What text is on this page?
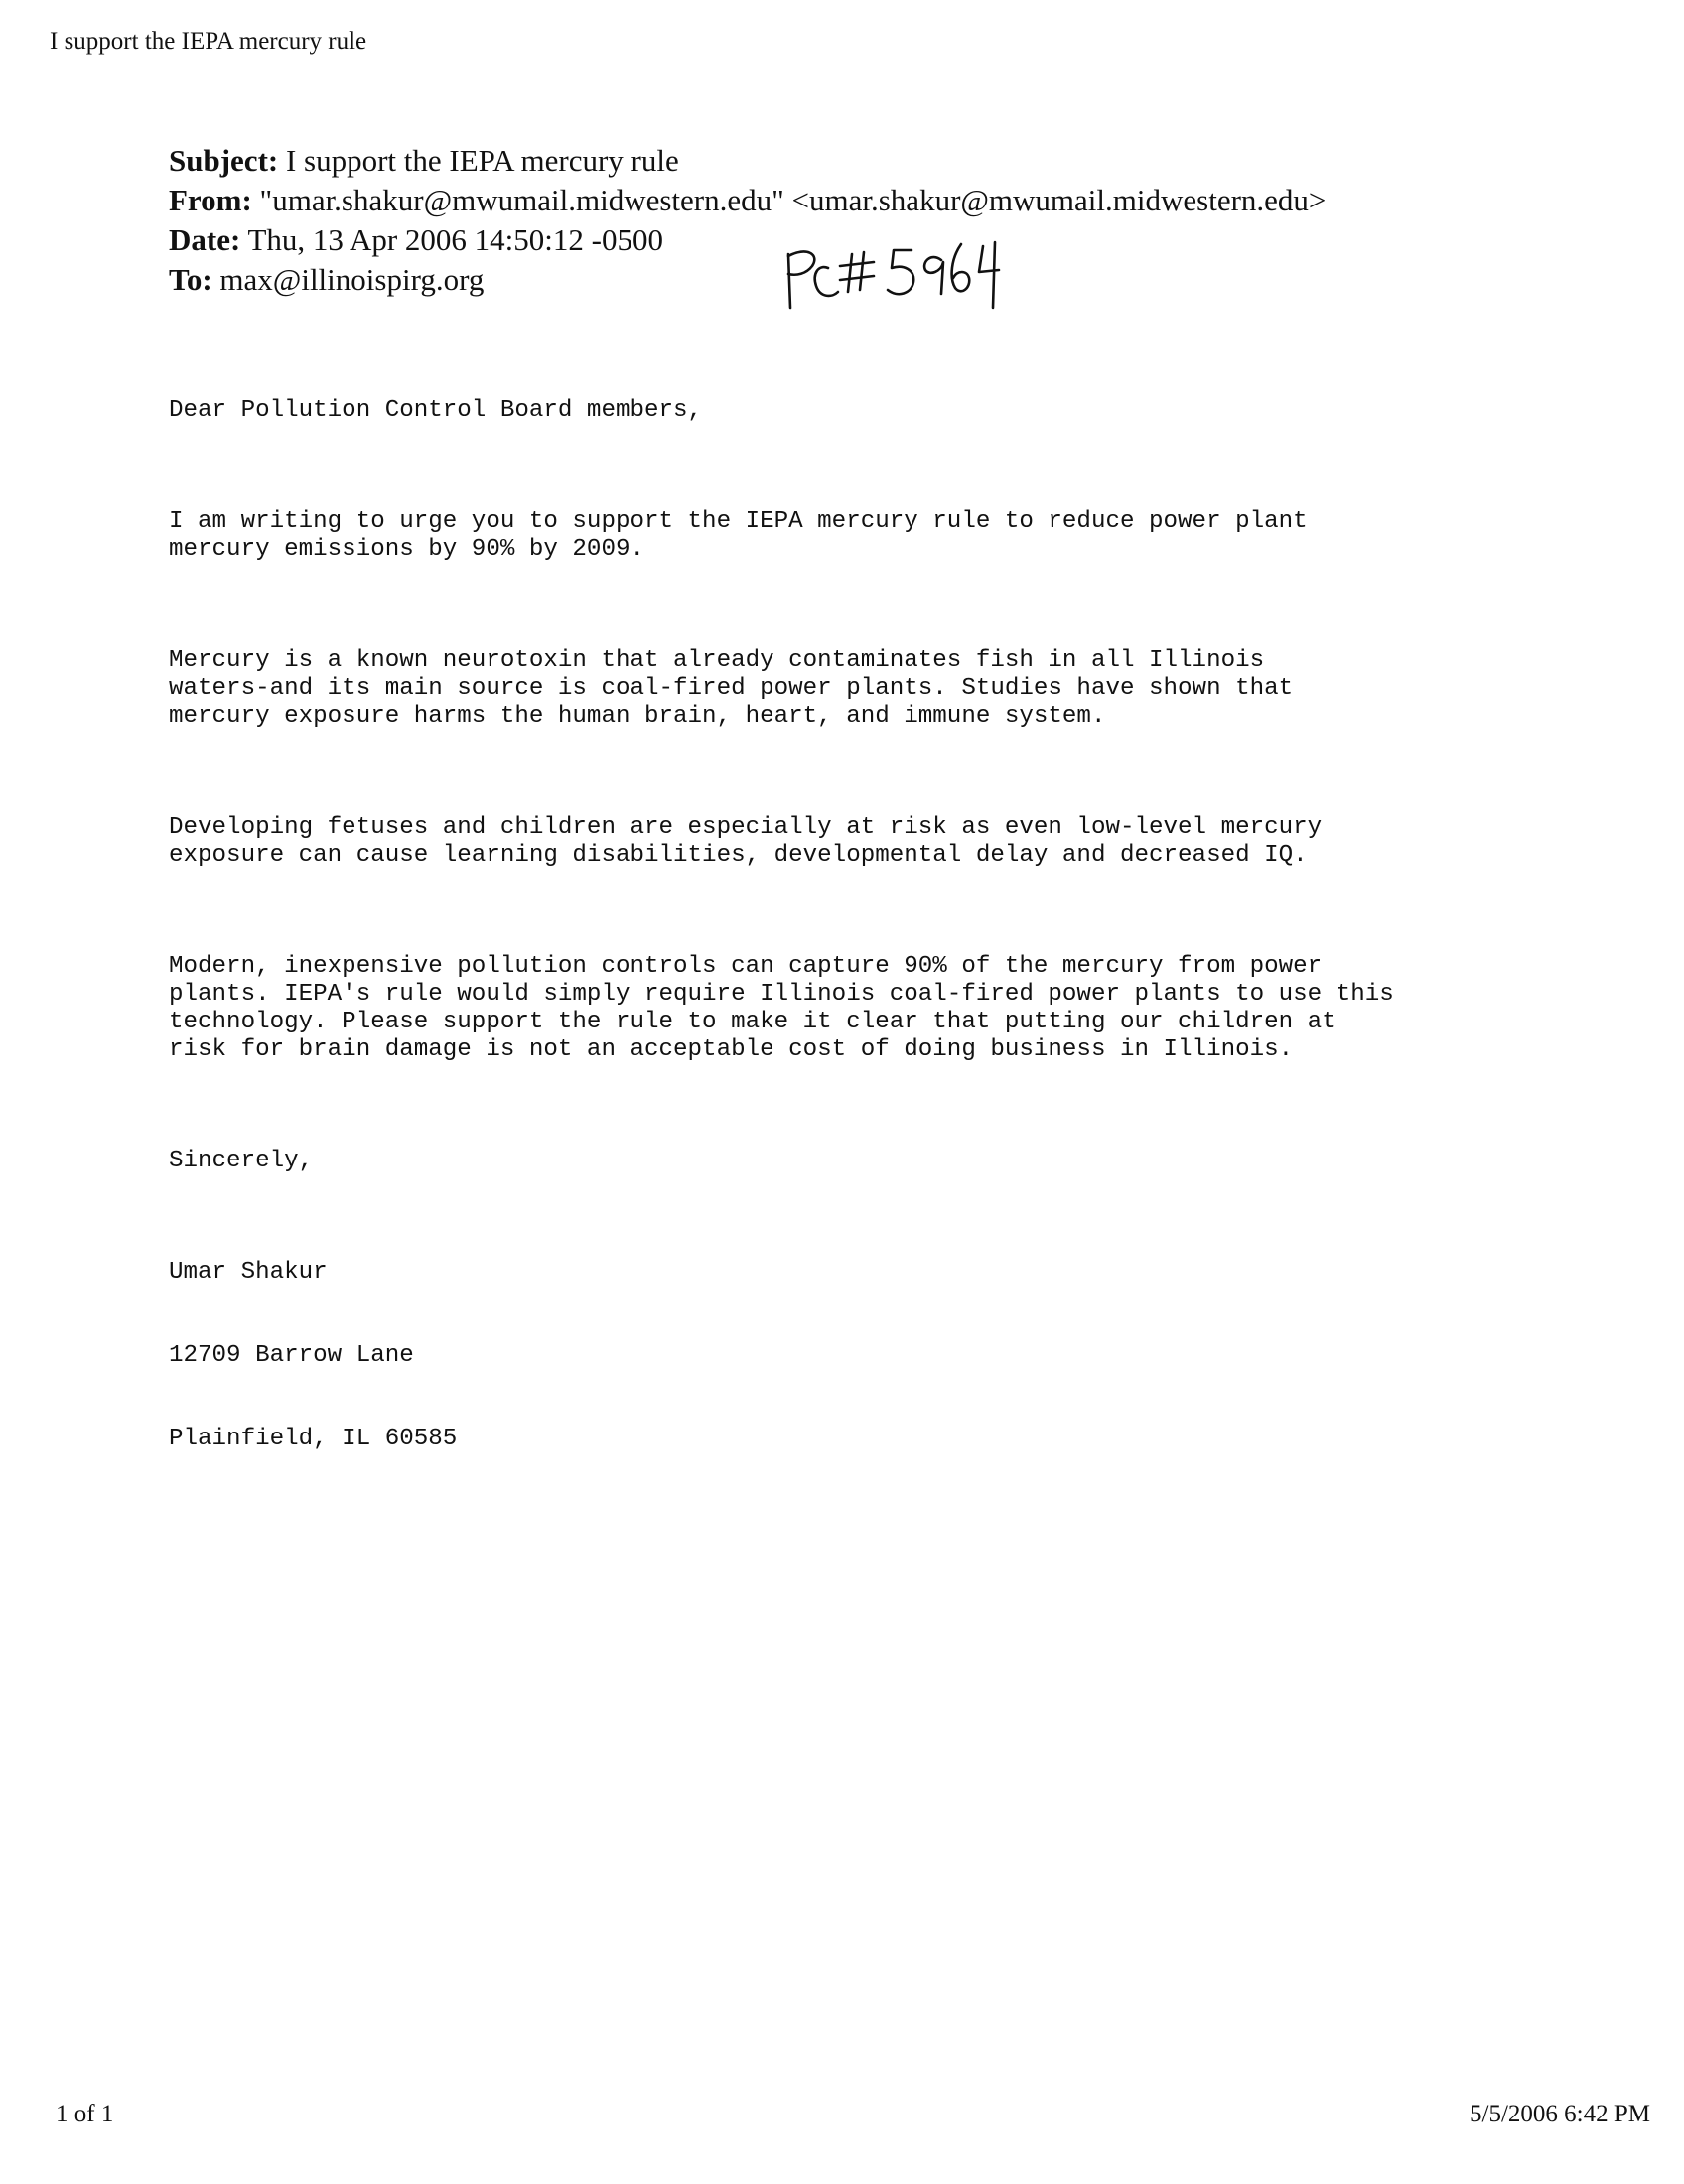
I support the IEPA mercury rule
Subject: I support the IEPA mercury rule
From: "umar.shakur@mwumail.midwestern.edu" <umar.shakur@mwumail.midwestern.edu>
Date: Thu, 13 Apr 2006 14:50:12 -0500
To: max@illinoispirg.org

Dear Pollution Control Board members,

I am writing to urge you to support the IEPA mercury rule to reduce power plant
mercury emissions by 90% by 2009.

Mercury is a known neurotoxin that already contaminates fish in all Illinois
waters-and its main source is coal-fired power plants. Studies have shown that
mercury exposure harms the human brain, heart, and immune system.

Developing fetuses and children are especially at risk as even low-level mercury
exposure can cause learning disabilities, developmental delay and decreased IQ.

Modern, inexpensive pollution controls can capture 90% of the mercury from power
plants. IEPA's rule would simply require Illinois coal-fired power plants to use this
technology. Please support the rule to make it clear that putting our children at
risk for brain damage is not an acceptable cost of doing business in Illinois.

Sincerely,

Umar Shakur

12709 Barrow Lane

Plainfield, IL 60585

1 of 1	5/5/2006 6:42 PM
